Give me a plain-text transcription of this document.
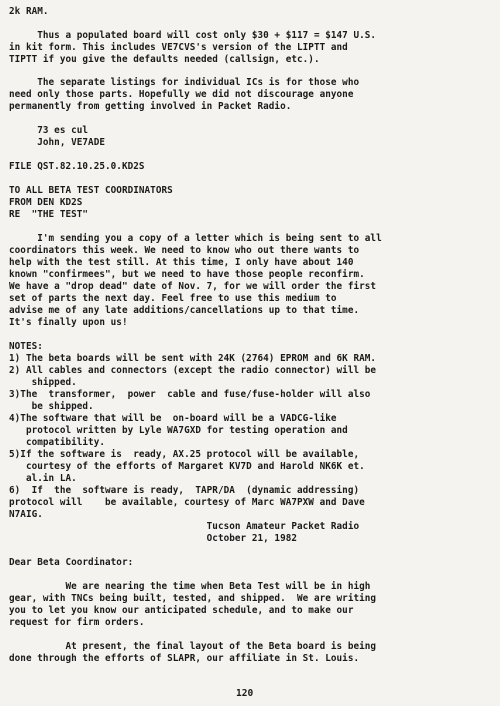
2k RAM.
Thus a populated board will cost only $30 + $117 = $147 U.S.
in kit form. This includes VE7CVS's version of the LIPTT and
TIPTT if you give the defaults needed (callsign, etc.).
The separate listings for individual ICs is for those who
need only those parts. Hopefully we did not discourage anyone
permanently from getting involved in Packet Radio.
73 es cul
John, VE7ADE
FILE QST.82.10.25.0.KD2S
TO ALL BETA TEST COORDINATORS
FROM DEN KD2S
RE  "THE TEST"
I'm sending you a copy of a letter which is being sent to all
coordinators this week. We need to know who out there wants to
help with the test still. At this time, I only have about 140
known "confirmees", but we need to have those people reconfirm.
We have a "drop dead" date of Nov. 7, for we will order the first
set of parts the next day. Feel free to use this medium to
advise me of any late additions/cancellations up to that time.
It's finally upon us!
NOTES:
1) The beta boards will be sent with 24K (2764) EPROM and 6K RAM.
2) All cables and connectors (except the radio connector) will be
shipped.
3)The  transformer,  power  cable and fuse/fuse-holder will also
be shipped.
4)The software that will be  on-board will be a VADCG-like
protocol written by Lyle WA7GXD for testing operation and
compatibility.
5)If the software is  ready, AX.25 protocol will be available,
courtesy of the efforts of Margaret KV7D and Harold NK6K et.
al.in LA.
6)  If  the  software is ready,  TAPR/DA  (dynamic addressing)
protocol will    be available, courtesy of Marc WA7PXW and Dave
N7AIG.
Tucson Amateur Packet Radio
October 21, 1982
Dear Beta Coordinator:
We are nearing the time when Beta Test will be in high
gear, with TNCs being built, tested, and shipped.  We are writing
you to let you know our anticipated schedule, and to make our
request for firm orders.
At present, the final layout of the Beta board is being
done through the efforts of SLAPR, our affiliate in St. Louis.
120
